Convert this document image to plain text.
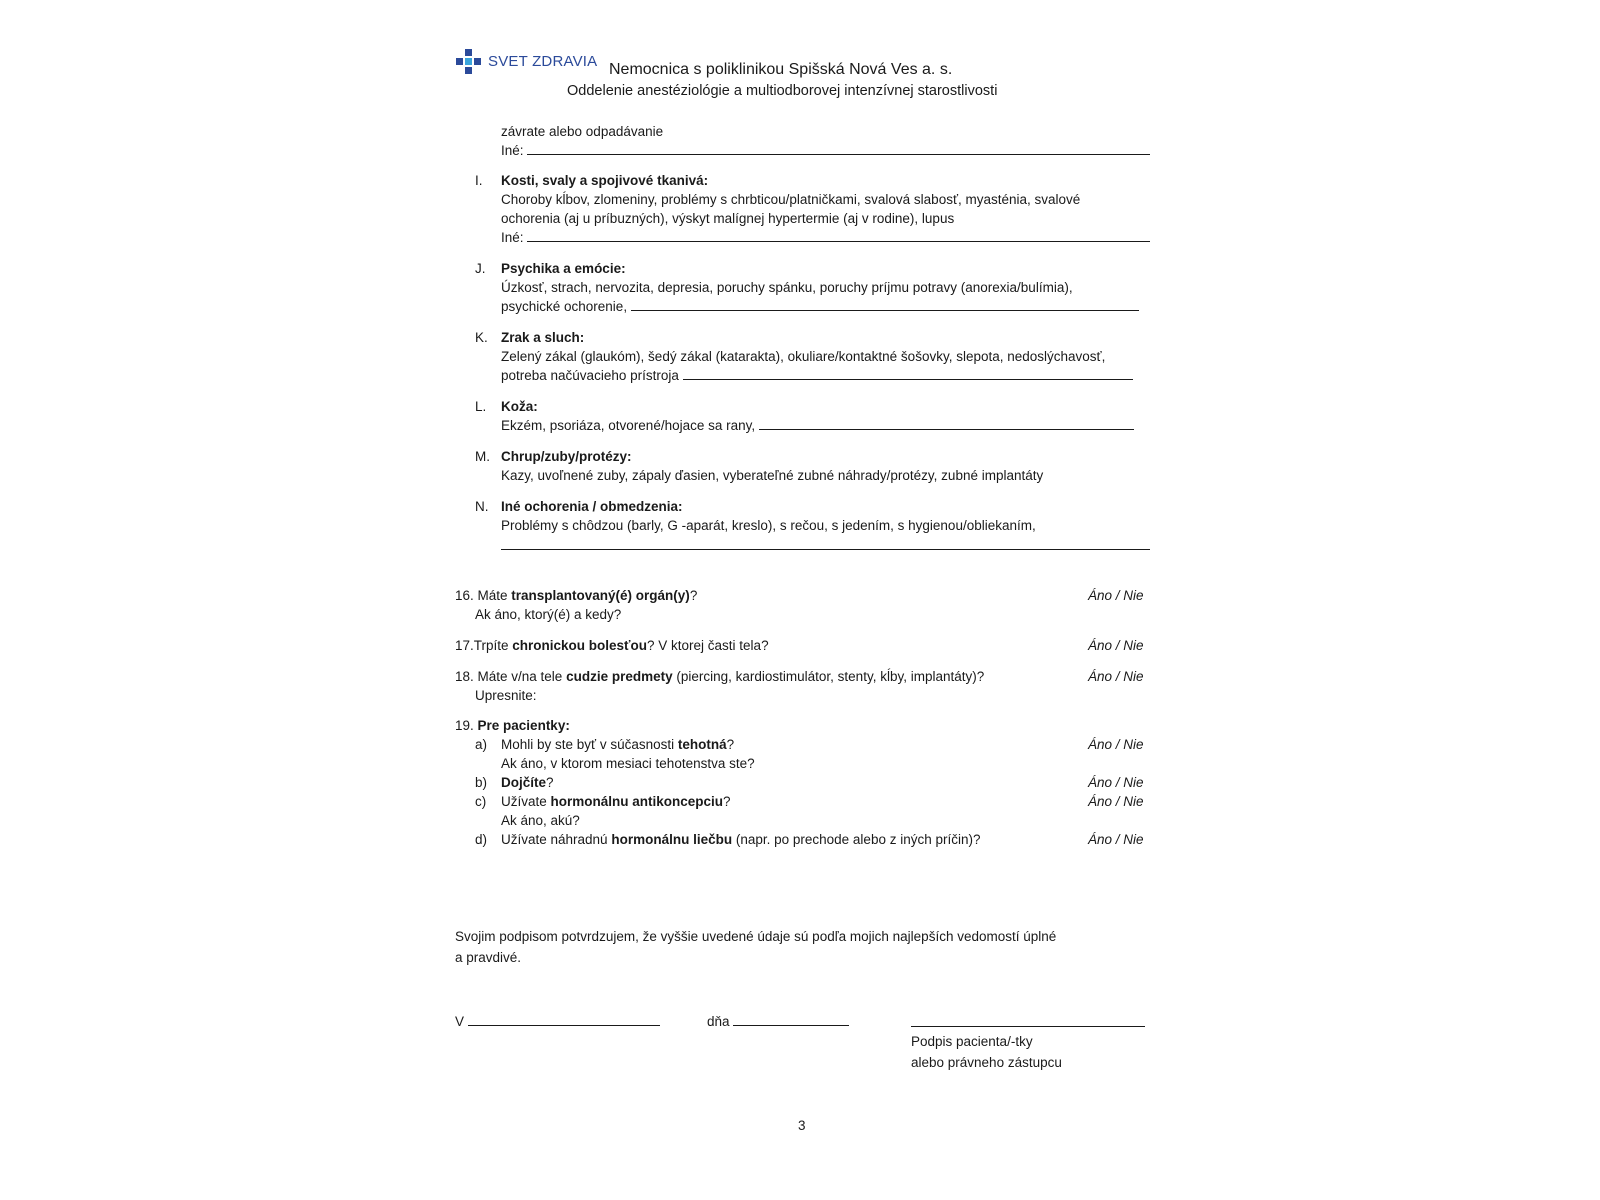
SVET ZDRAVIA Nemocnica s poliklinikou Spišská Nová Ves a. s.
Oddelenie anestéziológie a multiodborovej intenzívnej starostlivosti
závrate alebo odpadávanie
Iné:
I. Kosti, svaly a spojivové tkanivá:
Choroby kĺbov, zlomeniny, problémy s chrbticou/platničkami, svalová slabosť, myasténia, svalové
ochorenia (aj u príbuzných), výskyt malígnej hypertermie (aj v rodine), lupus
Iné:
J. Psychika a emócie:
Úzkosť, strach, nervozita, depresia, poruchy spánku, poruchy príjmu potravy (anorexia/bulímia),
psychické ochorenie,
K. Zrak a sluch:
Zelený zákal (glaukóm), šedý zákal (katarakta), okuliare/kontaktné šošovky, slepota, nedoslýchavosť,
potreba načúvacieho prístroja
L. Koža:
Ekzém, psoriáza, otvorené/hojace sa rany,
M. Chrup/zuby/protézy:
Kazy, uvoľnené zuby, zápaly ďasien, vyberateľné zubné náhrady/protézy, zubné implantáty
N. Iné ochorenia / obmedzenia:
Problémy s chôdzou (barly, G -aparát, kreslo), s rečou, s jedením, s hygienou/obliekaním,
16. Máte transplantovaný(é) orgán(y)?	Áno / Nie
Ak áno, ktorý(é) a kedy?
17.Trpíte chronickou bolesťou? V ktorej časti tela?	Áno / Nie
18. Máte v/na tele cudzie predmety (piercing, kardiostimulátor, stenty, kĺby, implantáty)?	Áno / Nie
Upresnite:
19. Pre pacientky:
a) Mohli by ste byť v súčasnosti tehotná?	Áno / Nie
Ak áno, v ktorom mesiaci tehotenstva ste?
b) Dojčíte?	Áno / Nie
c) Užívate hormonálnu antikoncepciu?	Áno / Nie
Ak áno, akú?
d) Užívate náhradnú hormonálnu liečbu (napr. po prechode alebo z iných príčin)?	Áno / Nie
Svojim podpisom potvrdzujem, že vyššie uvedené údaje sú podľa mojich najlepších vedomostí úplné
a pravdivé.
V	dňa
Podpis pacienta/-tky
alebo právneho zástupcu
3
